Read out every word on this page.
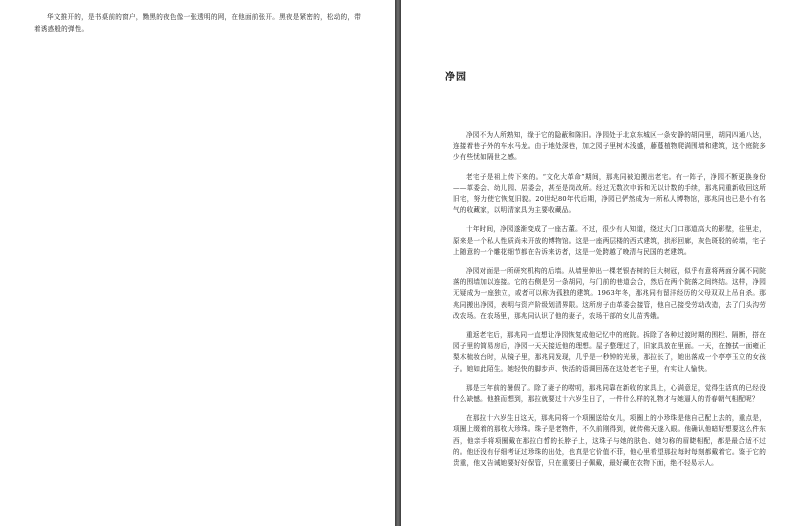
华文推开的，是书桌前的窗户，黝黑的夜色像一张透明的网，在他面前张开。黑夜是紧密的，松动的，带着诱惑般的弹性。

净园

净园不为人所熟知，缘于它的隐蔽和陈旧。净园处于北京东城区一条安静的胡同里，胡同四通八达，连接着巷子外的车水马龙。由于地处深巷，加之园子里树木浅盛，藤蔓植物爬满围墙和建筑，这个庭院多少有些忧如隔世之感。

老宅子是祖上传下来的。“文化大革命”期间，那兆同被迫搬出老宅。有一阵子，净园不断更换身份——革委会、幼儿园、居委会，甚至是岗改所。经过无数次申诉和无以计数的手续，那兆同重新收回这所旧宅，努力使它恢复旧貌。20世纪80年代后期，净园已俨然成为一所私人博物馆，那兆同也已是小有名气的收藏家，以明清家具为主要收藏品。

十年时间，净园遂渐变成了一座古董。不过，很少有人知道，绕过大门口那道高大的影壁，往里走，原来是一个私人性质尚未开放的博物馆。这是一座两层楼的西式建筑，拱形回廊，灰色斑驳的砖墙，宅子上随意的一个雕花细节都在告诉来访者，这是一处跨越了晚清与民国的老建筑。

净园对面是一所研究机构的后墙。从墙里伸出一棵老银杏树的巨大树冠，似乎有意将两面分属不同院落的围墙加以连接。它的右侧是另一条胡同，与门前的巷道会合，然后在两个院落之间终结。这样，净园无疑成为一座独立，或者可以称为孤独的建筑。1963年冬，那兆同有留洋经历的父母双双上吊自杀。那兆同搬出净园，表明与资产阶级划清界限。这所房子由革委会接管，他自己接受劳动改造，去了门头沟劳改农场。在农场里，那兆同认识了他的妻子，农场干部的女儿苗秀娥。

重返老宅后，那兆同一直想让净园恢复成他记忆中的庭院。拆除了各种过渡时期的围栏、隔断，搭在园子里的简易房后，净园一天天接近他的理想。屋子整理过了，旧家具放在里面。一天，在擦拭一面雍正梨木梳妆台时，从镜子里，那兆同发现，几乎是一秒钟的光景，那拉长了，她出落成一个亭亭玉立的女孩子。她如此陌生。她轻快的脚步声、快活的语调回荡在这处老宅子里，有实让人愉快。

那是三年前的暑假了。除了妻子的唠叨，那兆同靠在新收的家具上，心满意足，觉得生活真的已经没什么缺憾。他推而想到，那拉就要过十六岁生日了，一件什么样的礼物才与她逼人的青春朝气相配呢？

在那拉十六岁生日这天，那兆同将一个项圈送给女儿，项圈上的小珍珠是他自己配上去的，重点是，项圈上缀着的那枚大珍珠。珠子是老物件，不久前刚得到，就传佛天遂入眼。他确认他暗好想要这么件东西，他亲手将项圈戴在那拉白皙的长脖子上，这珠子与她的肤色、她匀称的眉睫相配，都是最合适不过的。他还没有仔细考证过珍珠的出处，也真是它价值不菲，他心里希望那拉每时每刻都戴着它。鉴于它的贵重，他又告诫她要好好保管，只在重要日子佩戴，最好藏在衣物下面，绝不轻易示人。
